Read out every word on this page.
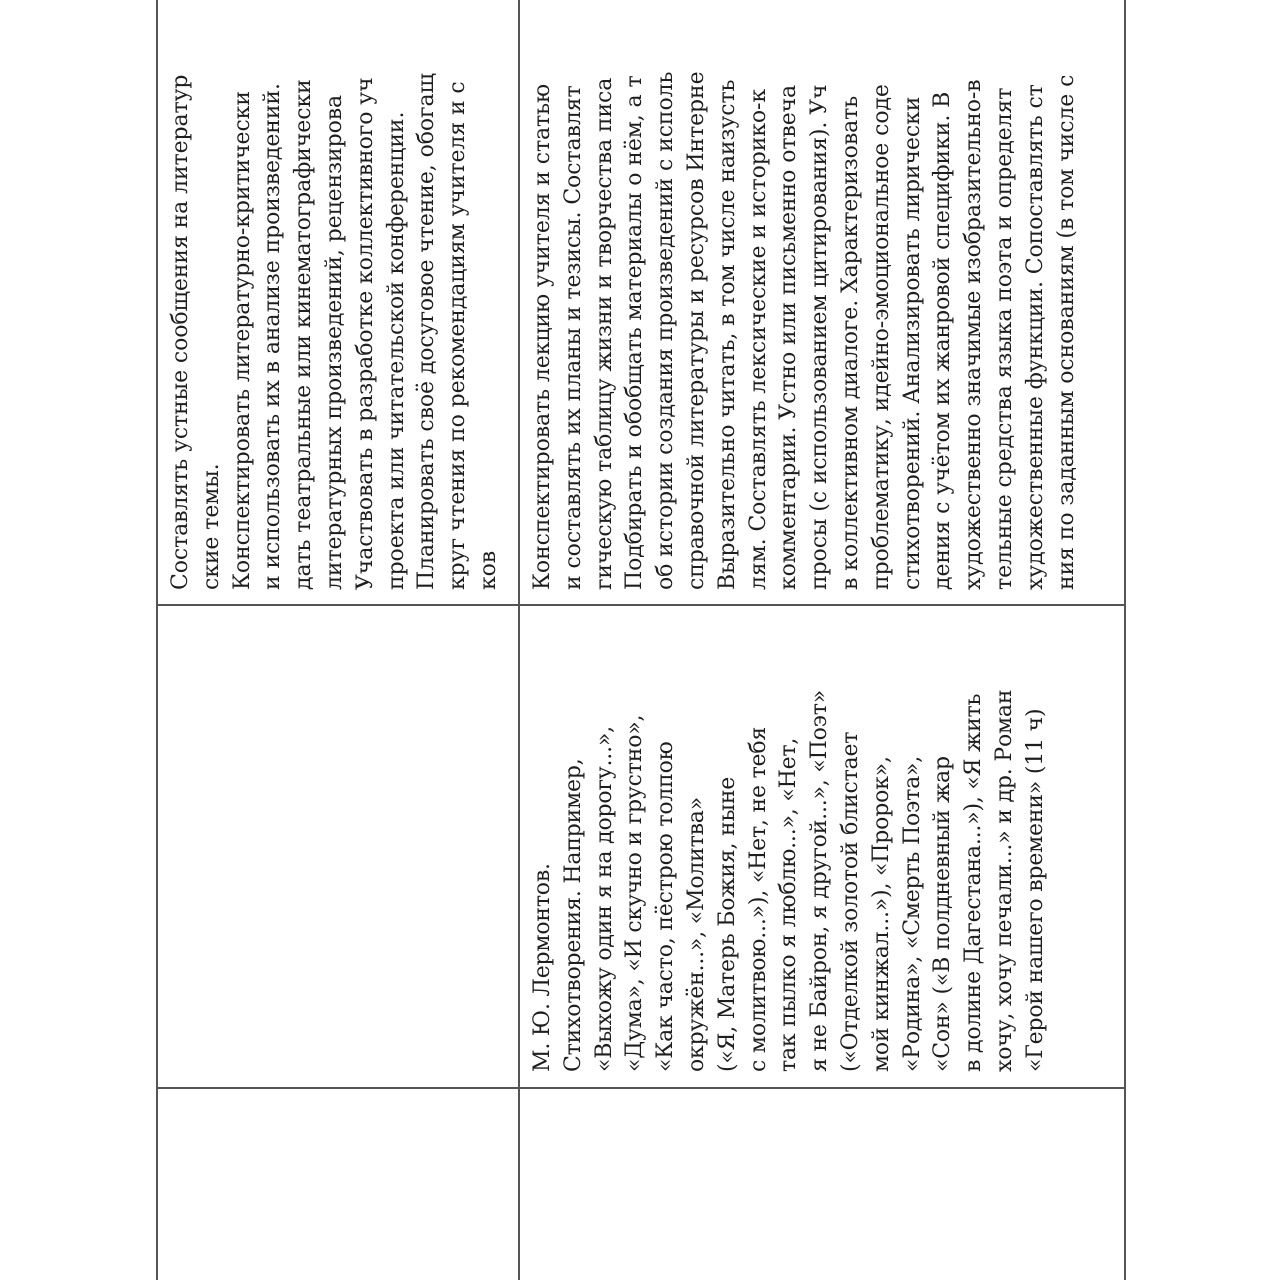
Составлять устные сообщения на литератур ские темы. Конспектировать литературно-критически и использовать их в анализе произведений. дать театральные или кинематографически литературных произведений, рецензирова Участвовать в разработке коллективного уч проекта или читательской конференции. Планировать своё досуговое чтение, обогащ круг чтения по рекомендациям учителя и с ков
М. Ю. Лермонтов. Стихотворения. Например, «Выхожу один я на дорогу...», «Дума», «И скучно и грустно», «Как часто, пёстрою толпою окружён...», «Молитва» («Я, Матерь Божия, ныне с молитвою...»), «Нет, не тебя так пылко я люблю...», «Нет, я не Байрон, я другой...», «Поэт» («Отделкой золотой блистает мой кинжал...»), «Пророк», «Родина», «Смерть Поэта», «Сон» («В полдневный жар в долине Дагестана...»), «Я жить хочу, хочу печали...» и др. Роман «Герой нашего времени» (11 ч)
Конспектировать лекцию учителя и статью и составлять их планы и тезисы. Составлят гическую таблицу жизни и творчества писа Подбирать и обобщать материалы о нём, а т об истории создания произведений с исполь справочной литературы и ресурсов Интерне Выразительно читать, в том числе наизусть лям. Составлять лексические и историко-к комментарии. Устно или письменно отвеча просы (с использованием цитирования). Уч в коллективном диалоге. Характеризовать проблематику, идейно-эмоциональное соде стихотворений. Анализировать лирически дения с учётом их жанровой специфики. В художественно значимые изобразительно-в тельные средства языка поэта и определят художественные функции. Сопоставлять ст ния по заданным основаниям (в том числе с
